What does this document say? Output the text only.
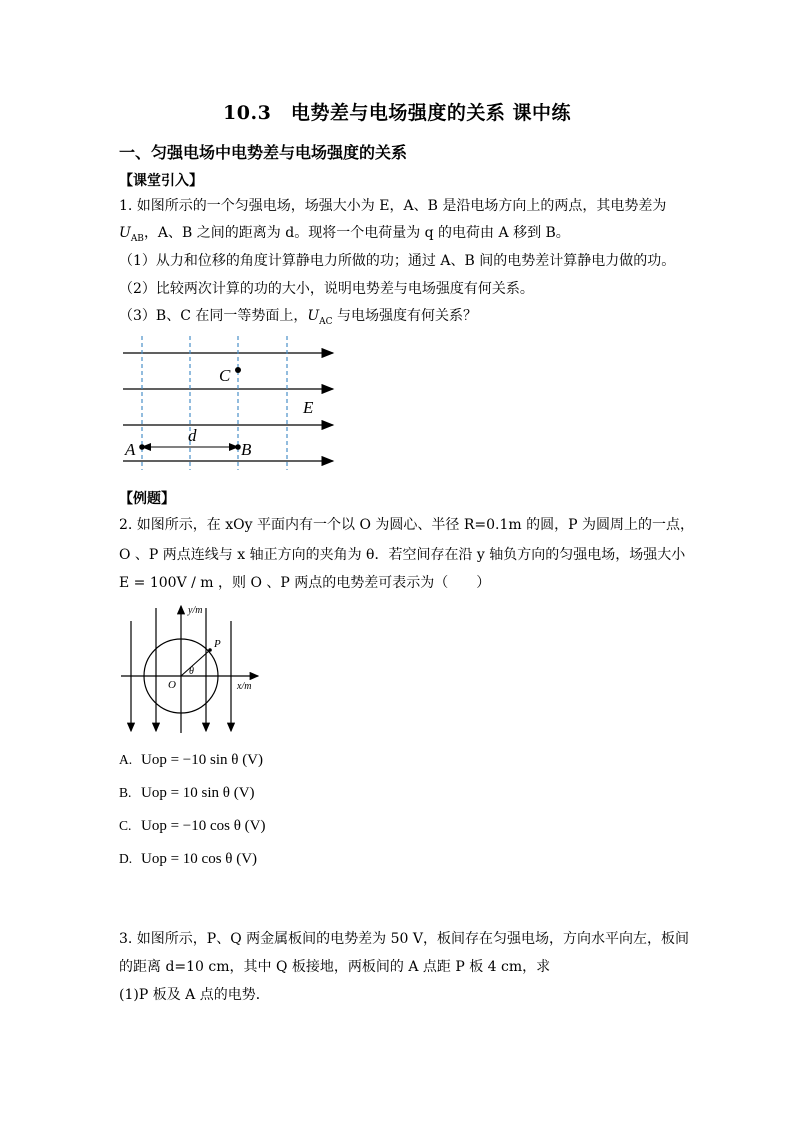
10.3　电势差与电场强度的关系 课中练
一、匀强电场中电势差与电场强度的关系
【课堂引入】
1. 如图所示的一个匀强电场，场强大小为 E，A、B 是沿电场方向上的两点，其电势差为
$U_{AB}$，A、B 之间的距离为 d。现将一个电荷量为 q 的电荷由 A 移到 B。
（1）从力和位移的角度计算静电力所做的功；通过 A、B 间的电势差计算静电力做的功。
（2）比较两次计算的功的大小，说明电势差与电场强度有何关系。
（3）B、C 在同一等势面上，$U_{AC}$ 与电场强度有何关系？
C
E
d
A	B
【例题】
2. 如图所示，在 xOy 平面内有一个以 O 为圆心、半径 R=0.1m 的圆，P 为圆周上的一点，
O 、P 两点连线与 x 轴正方向的夹角为 θ．若空间存在沿 y 轴负方向的匀强电场，场强大小
E = 100V / m ，则 O 、P 两点的电势差可表示为（　　）
P
θ
O
y/m
x/m
A. Uop = −10 sin θ (V)
B. Uop = 10 sin θ (V)
C. Uop = −10 cos θ (V)
D. Uop = 10 cos θ (V)
3. 如图所示，P、Q 两金属板间的电势差为 50 V，板间存在匀强电场，方向水平向左，板间
的距离 d=10 cm，其中 Q 板接地，两板间的 A 点距 P 板 4 cm，求
(1)P 板及 A 点的电势．
